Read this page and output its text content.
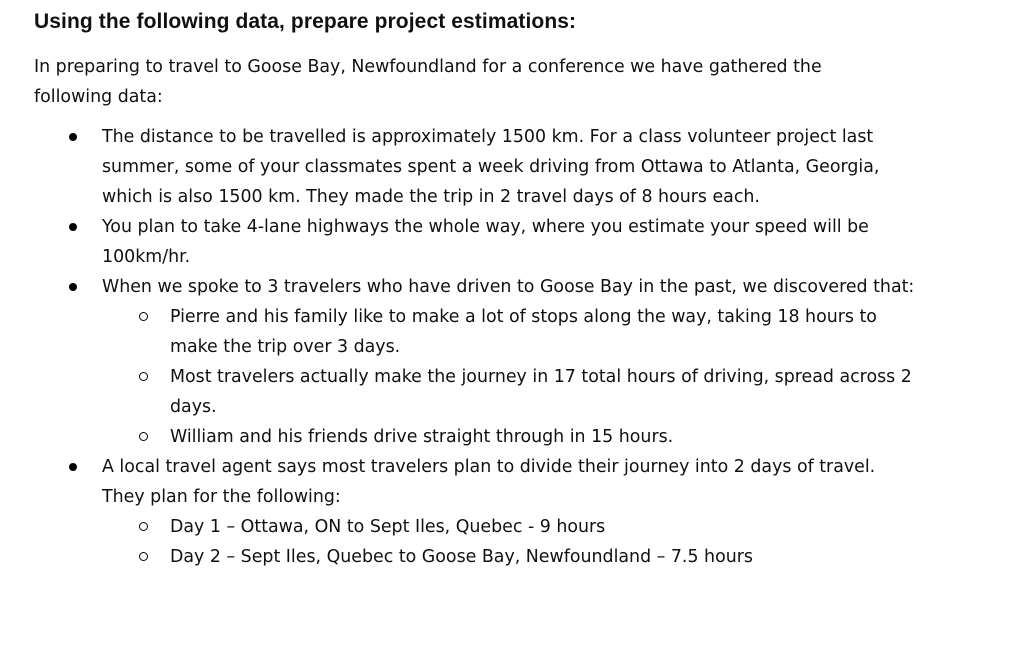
Using the following data, prepare project estimations:

In preparing to travel to Goose Bay, Newfoundland for a conference we have gathered the following data:

The distance to be travelled is approximately 1500 km. For a class volunteer project last summer, some of your classmates spent a week driving from Ottawa to Atlanta, Georgia, which is also 1500 km. They made the trip in 2 travel days of 8 hours each.
You plan to take 4-lane highways the whole way, where you estimate your speed will be 100km/hr.
When we spoke to 3 travelers who have driven to Goose Bay in the past, we discovered that:
Pierre and his family like to make a lot of stops along the way, taking 18 hours to make the trip over 3 days.
Most travelers actually make the journey in 17 total hours of driving, spread across 2 days.
William and his friends drive straight through in 15 hours.
A local travel agent says most travelers plan to divide their journey into 2 days of travel. They plan for the following:
Day 1 – Ottawa, ON to Sept Iles, Quebec - 9 hours
Day 2 – Sept Iles, Quebec to Goose Bay, Newfoundland – 7.5 hours
